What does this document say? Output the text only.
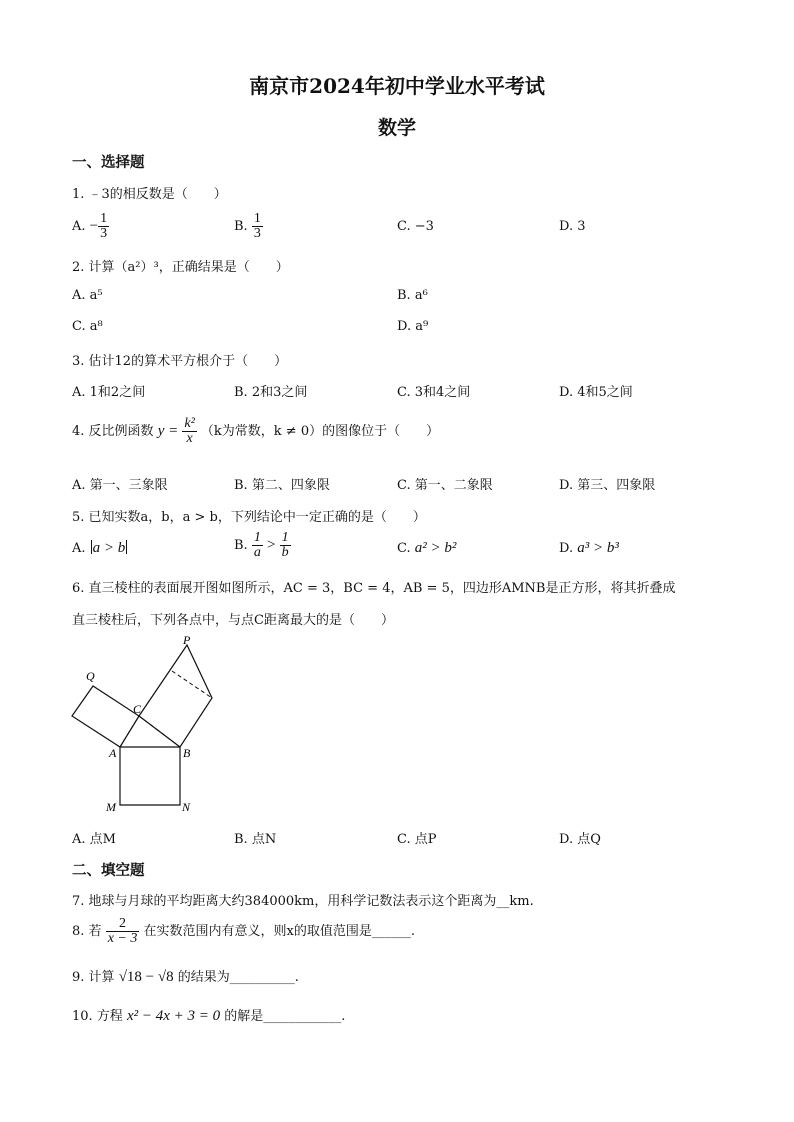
南京市2024年初中学业水平考试
数学
一、选择题
1. ﹣3的相反数是（　　）
A. − $\frac{1}{3}$	B. $\frac{1}{3}$	C. −3	D. 3
2. 计算（a²）³，正确结果是（　　）
A. a⁵	B. a⁶
C. a⁸	D. a⁹
3. 估计12的算术平方根介于（　　）
A. 1和2之间	B. 2和3之间	C. 3和4之间	D. 4和5之间
4. 反比例函数 $y = \frac{\text{k²}}{x} (k$为常数，k ≠ 0）的图像位于（　　）
A. 第一、三象限	B. 第二、四象限	C. 第一、二象限	D. 第三、四象限
5. 已知实数a，b，a > b，下列结论中一定正确的是（　　）
A. a > b	B. $\frac{1}{a} > \frac{1}{b}$	C. a² > b²	D. a³ > b³
6. 直三棱柱的表面展开图如图所示，AC = 3，BC = 4，AB = 5，四边形AMNB是正方形，将其折叠成
直三棱柱后，下列各点中，与点C距离最大的是（　　）
P
Q
C
A	B
M	N
A. 点M	B. 点N	C. 点P	D. 点Q
二、填空题
7. 地球与月球的平均距离大约384000km，用科学记数法表示这个距离为__km.
8. 若 $\frac{2}{x - 3}$ 在实数范围内有意义，则x的取值范围是______.
9. 计算 √18 − √8 的结果为__________.
10. 方程 x² − 4x + 3 = 0 的解是____________.
